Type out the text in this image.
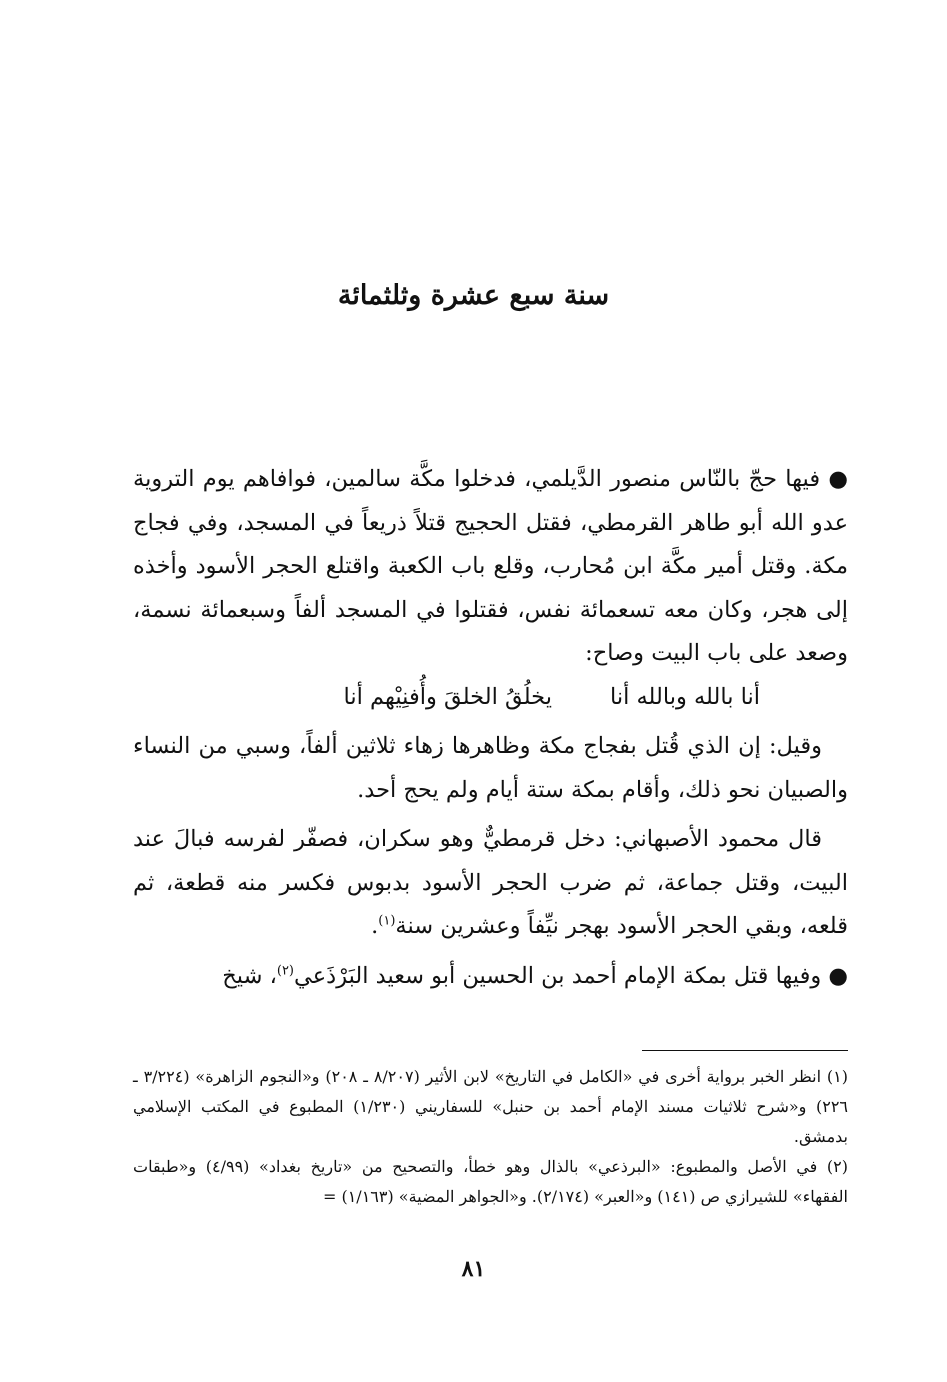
سنة سبع عشرة وثلثمائة

● فيها حجّ بالنّاس منصور الدَّيلمي، فدخلوا مكَّة سالمين، فوافاهم يوم التروية عدو الله أبو طاهر القرمطي، فقتل الحجيج قتلاً ذريعاً في المسجد، وفي فجاج مكة. وقتل أمير مكَّة ابن مُحارب، وقلع باب الكعبة واقتلع الحجر الأسود وأخذه إلى هجر، وكان معه تسعمائة نفس، فقتلوا في المسجد ألفاً وسبعمائة نسمة، وصعد على باب البيت وصاح:

أنا بالله وبالله أنا
يخلُقُ الخلقَ وأُفنِيْهم أنا

وقيل: إن الذي قُتل بفجاج مكة وظاهرها زهاء ثلاثين ألفاً، وسبي من النساء والصبيان نحو ذلك، وأقام بمكة ستة أيام ولم يحج أحد.

قال محمود الأصبهاني: دخل قرمطيٌّ وهو سكران، فصفّر لفرسه فبالَ عند البيت، وقتل جماعة، ثم ضرب الحجر الأسود بدبوس فكسر منه قطعة، ثم قلعه، وبقي الحجر الأسود بهجر نيِّفاً وعشرين سنة$^{(١)}$.

● وفيها قتل بمكة الإمام أحمد بن الحسين أبو سعيد البَرْذَعي$^{(٢)}$، شيخ

(١) انظر الخبر برواية أخرى في «الكامل في التاريخ» لابن الأثير (٨/٢٠٧ ـ ٢٠٨) و«النجوم الزاهرة» (٣/٢٢٤ ـ ٢٢٦) و«شرح ثلاثيات مسند الإمام أحمد بن حنبل» للسفاريني (١/٢٣٠) المطبوع في المكتب الإسلامي بدمشق.

(٢) في الأصل والمطبوع: «البرذعي» بالذال وهو خطأ، والتصحيح من «تاريخ بغداد» (٤/٩٩) و«طبقات الفقهاء» للشيرازي ص (١٤١) و«العبر» (٢/١٧٤). و«الجواهر المضية» (١/١٦٣) =

٨١
